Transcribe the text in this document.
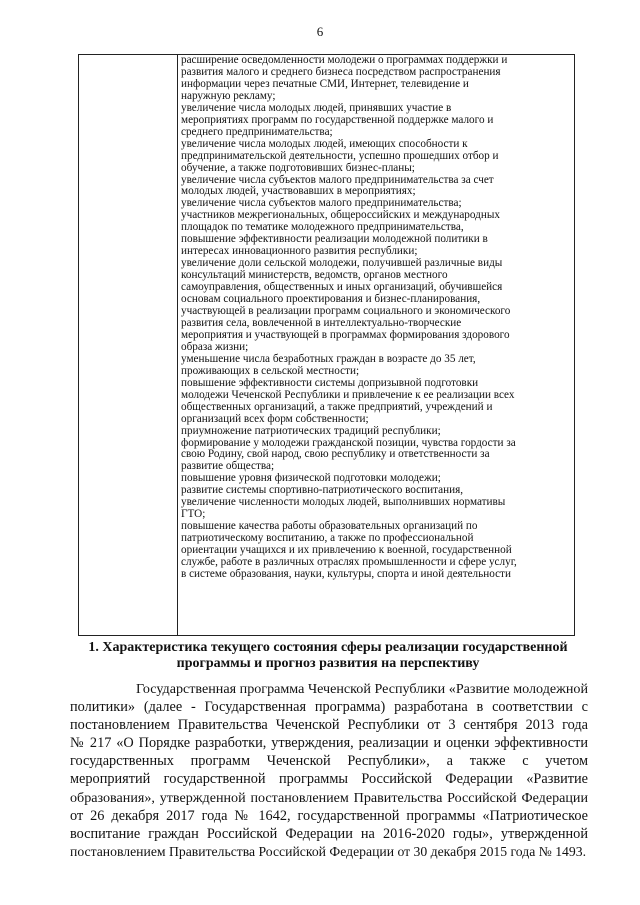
6
расширение осведомленности молодежи о программах поддержки и
развития малого и среднего бизнеса посредством распространения
информации через печатные СМИ, Интернет, телевидение и
наружную рекламу;
увеличение числа молодых людей, принявших участие в
мероприятиях программ по государственной поддержке малого и
среднего предпринимательства;
увеличение числа молодых людей, имеющих способности к
предпринимательской деятельности, успешно прошедших отбор и
обучение, а также подготовивших бизнес-планы;
увеличение числа субъектов малого предпринимательства за счет
молодых людей, участвовавших в мероприятиях;
увеличение числа субъектов малого предпринимательства;
участников межрегиональных, общероссийских и международных
площадок по тематике молодежного предпринимательства,
повышение эффективности реализации молодежной политики в
интересах инновационного развития республики;
увеличение доли сельской молодежи, получившей различные виды
консультаций министерств, ведомств, органов местного
самоуправления, общественных и иных организаций, обучившейся
основам социального проектирования и бизнес-планирования,
участвующей в реализации программ социального и экономического
развития села, вовлеченной в интеллектуально-творческие
мероприятия и участвующей в программах формирования здорового
образа жизни;
уменьшение числа безработных граждан в возрасте до 35 лет,
проживающих в сельской местности;
повышение эффективности системы допризывной подготовки
молодежи Чеченской Республики и привлечение к ее реализации всех
общественных организаций, а также предприятий, учреждений и
организаций всех форм собственности;
приумножение патриотических традиций республики;
формирование у молодежи гражданской позиции, чувства гордости за
свою Родину, свой народ, свою республику и ответственности за
развитие общества;
повышение уровня физической подготовки молодежи;
развитие системы спортивно-патриотического воспитания,
увеличение численности молодых людей, выполнивших нормативы
ГТО;
повышение качества работы образовательных организаций по
патриотическому воспитанию, а также по профессиональной
ориентации учащихся и их привлечению к военной, государственной
службе, работе в различных отраслях промышленности и сфере услуг,
в системе образования, науки, культуры, спорта и иной деятельности
1. Характеристика текущего состояния сферы реализации государственной
программы и прогноз развития на перспективу
Государственная программа Чеченской Республики «Развитие молодежной
политики» (далее - Государственная программа) разработана в соответствии с
постановлением Правительства Чеченской Республики от 3 сентября 2013 года
№ 217 «О Порядке разработки, утверждения, реализации и оценки эффективности
государственных программ Чеченской Республики», а также с учетом
мероприятий государственной программы Российской Федерации «Развитие
образования», утвержденной постановлением Правительства Российской Федерации
от 26 декабря 2017 года № 1642, государственной программы «Патриотическое
воспитание граждан Российской Федерации на 2016-2020 годы», утвержденной
постановлением Правительства Российской Федерации от 30 декабря 2015 года № 1493.
